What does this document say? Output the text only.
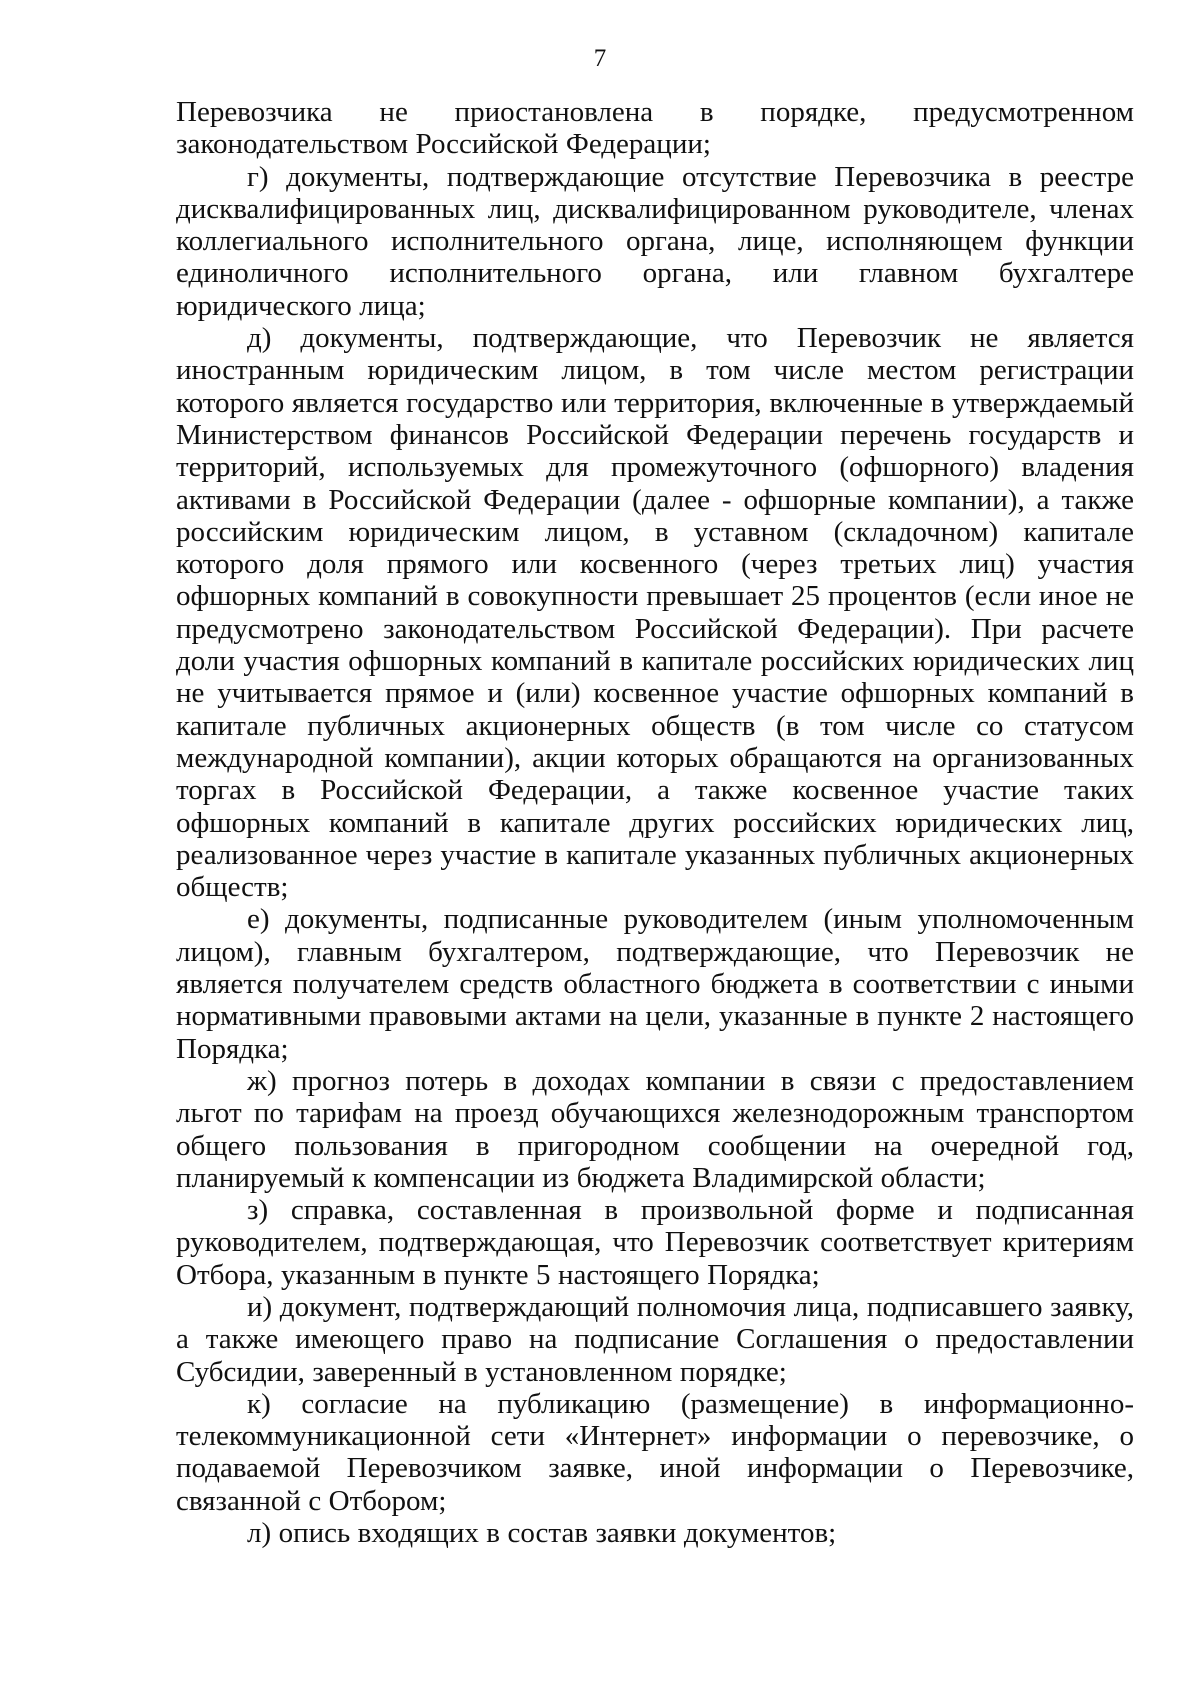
7

Перевозчика не приостановлена в порядке, предусмотренном законодательством Российской Федерации;

г) документы, подтверждающие отсутствие Перевозчика в реестре дисквалифицированных лиц, дисквалифицированном руководителе, членах коллегиального исполнительного органа, лице, исполняющем функции единоличного исполнительного органа, или главном бухгалтере юридического лица;

д) документы, подтверждающие, что Перевозчик не является иностранным юридическим лицом, в том числе местом регистрации которого является государство или территория, включенные в утверждаемый Министерством финансов Российской Федерации перечень государств и территорий, используемых для промежуточного (офшорного) владения активами в Российской Федерации (далее - офшорные компании), а также российским юридическим лицом, в уставном (складочном) капитале которого доля прямого или косвенного (через третьих лиц) участия офшорных компаний в совокупности превышает 25 процентов (если иное не предусмотрено законодательством Российской Федерации). При расчете доли участия офшорных компаний в капитале российских юридических лиц не учитывается прямое и (или) косвенное участие офшорных компаний в капитале публичных акционерных обществ (в том числе со статусом международной компании), акции которых обращаются на организованных торгах в Российской Федерации, а также косвенное участие таких офшорных компаний в капитале других российских юридических лиц, реализованное через участие в капитале указанных публичных акционерных обществ;

е) документы, подписанные руководителем (иным уполномоченным лицом), главным бухгалтером, подтверждающие, что Перевозчик не является получателем средств областного бюджета в соответствии с иными нормативными правовыми актами на цели, указанные в пункте 2 настоящего Порядка;

ж) прогноз потерь в доходах компании в связи с предоставлением льгот по тарифам на проезд обучающихся железнодорожным транспортом общего пользования в пригородном сообщении на очередной год, планируемый к компенсации из бюджета Владимирской области;

з) справка, составленная в произвольной форме и подписанная руководителем, подтверждающая, что Перевозчик соответствует критериям Отбора, указанным в пункте 5 настоящего Порядка;

и) документ, подтверждающий полномочия лица, подписавшего заявку, а также имеющего право на подписание Соглашения о предоставлении Субсидии, заверенный в установленном порядке;

к) согласие на публикацию (размещение) в информационно-телекоммуникационной сети «Интернет» информации о перевозчике, о подаваемой Перевозчиком заявке, иной информации о Перевозчике, связанной с Отбором;

л) опись входящих в состав заявки документов;
